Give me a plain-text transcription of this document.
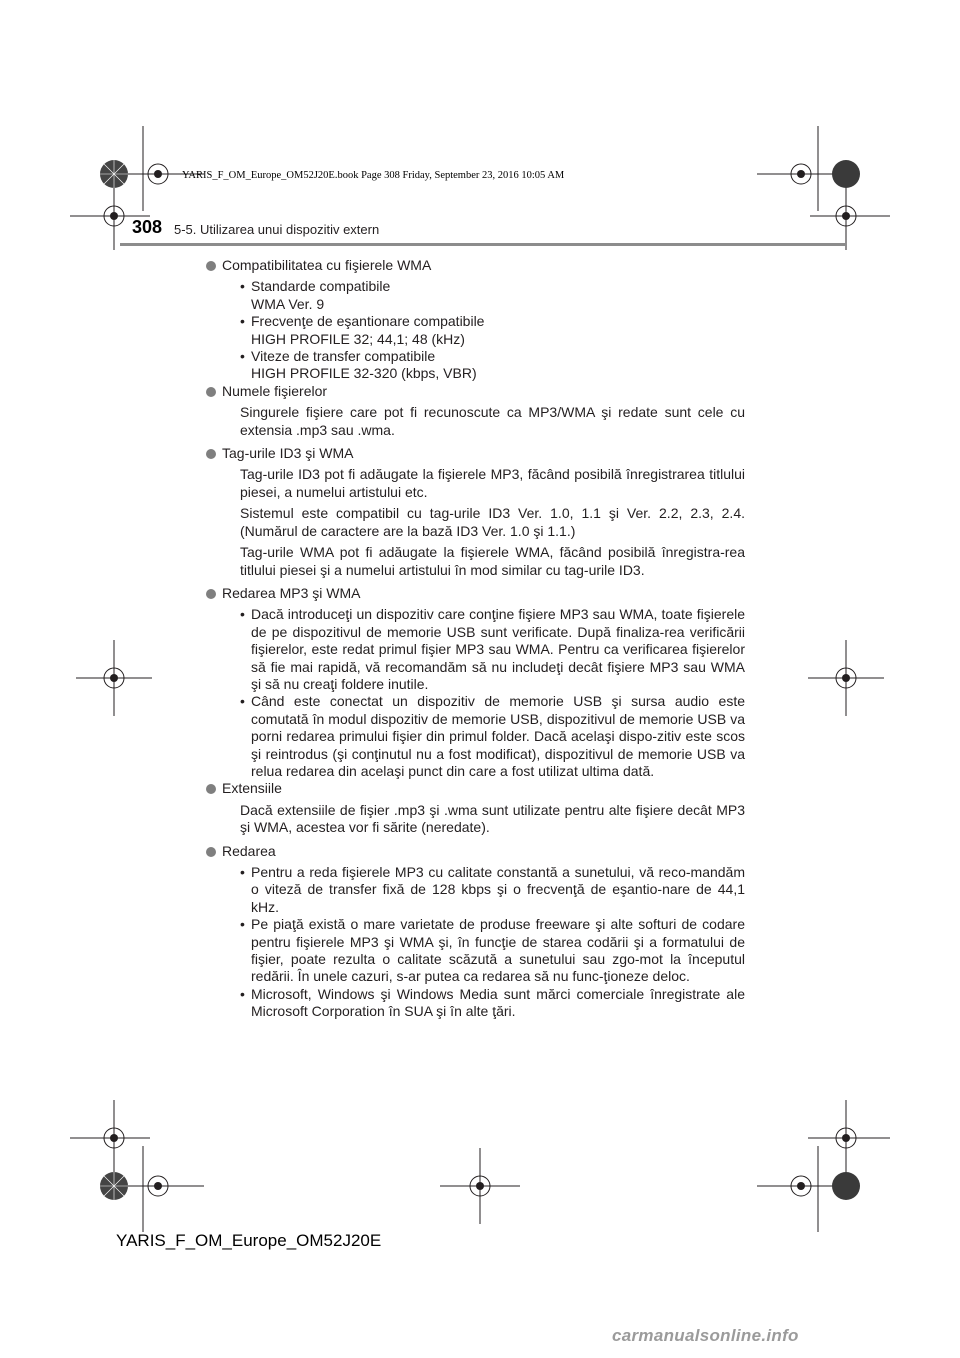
YARIS_F_OM_Europe_OM52J20E.book Page 308 Friday, September 23, 2016 10:05 AM
308 5-5. Utilizarea unui dispozitiv extern
Compatibilitatea cu fişierele WMA
• Standarde compatibile
WMA Ver. 9
• Frecvenţe de eşantionare compatibile
HIGH PROFILE 32; 44,1; 48 (kHz)
• Viteze de transfer compatibile
HIGH PROFILE 32-320 (kbps, VBR)
Numele fişierelor
Singurele fişiere care pot fi recunoscute ca MP3/WMA şi redate sunt cele cu extensia .mp3 sau .wma.
Tag-urile ID3 şi WMA
Tag-urile ID3 pot fi adăugate la fişierele MP3, făcând posibilă înregistrarea titlului piesei, a numelui artistului etc.
Sistemul este compatibil cu tag-urile ID3 Ver. 1.0, 1.1 şi Ver. 2.2, 2.3, 2.4. (Numărul de caractere are la bază ID3 Ver. 1.0 şi 1.1.)
Tag-urile WMA pot fi adăugate la fişierele WMA, făcând posibilă înregistra-rea titlului piesei şi a numelui artistului în mod similar cu tag-urile ID3.
Redarea MP3 şi WMA
• Dacă introduceţi un dispozitiv care conţine fişiere MP3 sau WMA, toate fişierele de pe dispozitivul de memorie USB sunt verificate. După finaliza-rea verificării fişierelor, este redat primul fişier MP3 sau WMA. Pentru ca verificarea fişierelor să fie mai rapidă, vă recomandăm să nu includeţi decât fişiere MP3 sau WMA şi să nu creaţi foldere inutile.
• Când este conectat un dispozitiv de memorie USB şi sursa audio este comutată în modul dispozitiv de memorie USB, dispozitivul de memorie USB va porni redarea primului fişier din primul folder. Dacă acelaşi dispo-zitiv este scos şi reintrodus (şi conţinutul nu a fost modificat), dispozitivul de memorie USB va relua redarea din acelaşi punct din care a fost utilizat ultima dată.
Extensiile
Dacă extensiile de fişier .mp3 şi .wma sunt utilizate pentru alte fişiere decât MP3 şi WMA, acestea vor fi sărite (neredate).
Redarea
• Pentru a reda fişierele MP3 cu calitate constantă a sunetului, vă reco-mandăm o viteză de transfer fixă de 128 kbps şi o frecvenţă de eşantio-nare de 44,1 kHz.
• Pe piaţă există o mare varietate de produse freeware şi alte softuri de codare pentru fişierele MP3 şi WMA şi, în funcţie de starea codării şi a formatului de fişier, poate rezulta o calitate scăzută a sunetului sau zgo-mot la începutul redării. În unele cazuri, s-ar putea ca redarea să nu func-ţioneze deloc.
• Microsoft, Windows şi Windows Media sunt mărci comerciale înregistrate ale Microsoft Corporation în SUA şi în alte ţări.
YARIS_F_OM_Europe_OM52J20E
carmanualsonline.info
